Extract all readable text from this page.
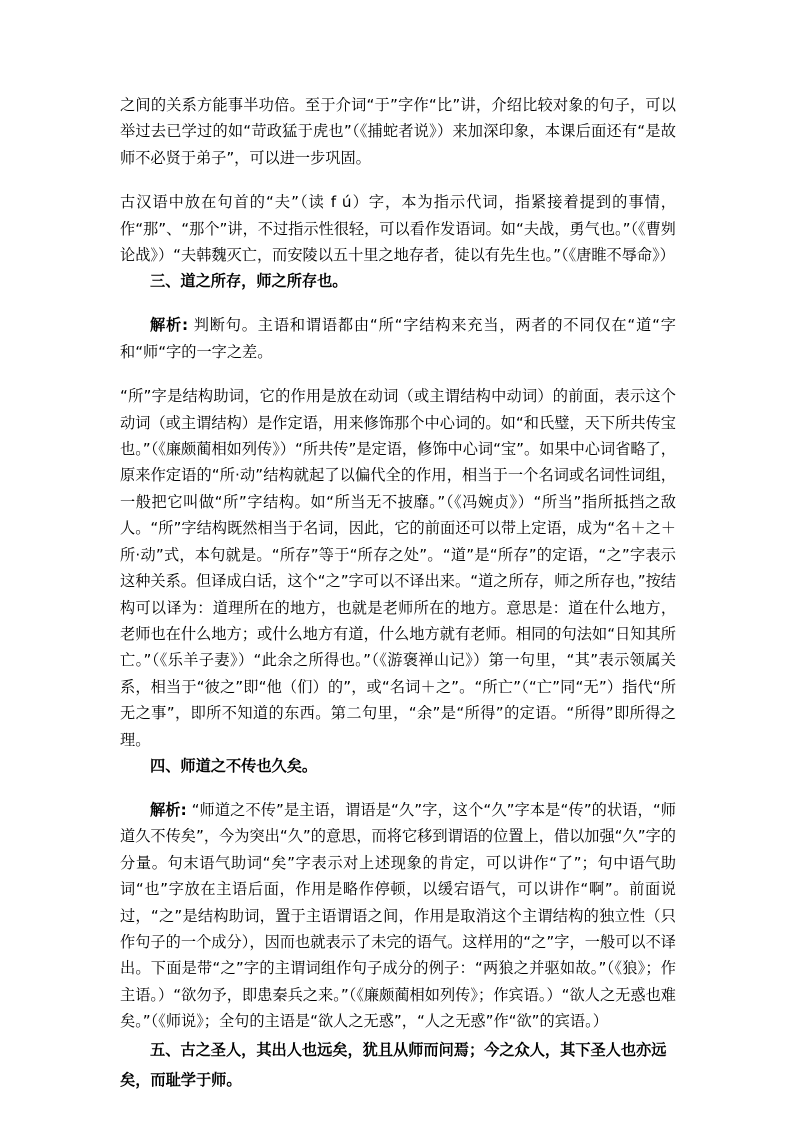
之间的关系方能事半功倍。至于介词“于”字作“比”讲，介绍比较对象的句子，可以举过去已学过的如“苛政猛于虎也”（《捕蛇者说》）来加深印象，本课后面还有“是故师不必贤于弟子”，可以进一步巩固。

古汉语中放在句首的“夫”（读 f ú）字，本为指示代词，指紧接着提到的事情，作“那”、“那个”讲，不过指示性很轻，可以看作发语词。如“夫战，勇气也。”（《曹刿论战》）“夫韩魏灭亡，而安陵以五十里之地存者，徒以有先生也。”（《唐睢不辱命》）

三、道之所存，师之所存也。

解析: 判断句。主语和谓语都由“所“字结构来充当，两者的不同仅在“道“字和“师“字的一字之差。

“所”字是结构助词，它的作用是放在动词（或主谓结构中动词）的前面，表示这个动词（或主谓结构）是作定语，用来修饰那个中心词的。如“和氏璧，天下所共传宝也。”（《廉颇蔺相如列传》）“所共传”是定语，修饰中心词“宝”。如果中心词省略了，原来作定语的“所·动”结构就起了以偏代全的作用，相当于一个名词或名词性词组，一般把它叫做“所”字结构。如“所当无不披靡。”（《冯婉贞》）“所当”指所抵挡之敌人。“所”字结构既然相当于名词，因此，它的前面还可以带上定语，成为“名＋之＋所·动”式，本句就是。“所存”等于“所存之处”。“道”是“所存”的定语，“之”字表示这种关系。但译成白话，这个“之”字可以不译出来。“道之所存，师之所存也，”按结构可以译为：道理所在的地方，也就是老师所在的地方。意思是：道在什么地方，老师也在什么地方；或什么地方有道，什么地方就有老师。相同的句法如“日知其所亡。”（《乐羊子妻》）“此余之所得也。”（《游褒禅山记》）第一句里，“其”表示领属关系，相当于“彼之”即“他（们）的”，或“名词＋之”。“所亡”（“亡”同“无”）指代“所无之事”，即所不知道的东西。第二句里，“余”是“所得”的定语。“所得”即所得之理。

四、师道之不传也久矣。

解析: “师道之不传”是主语，谓语是“久”字，这个“久”字本是“传”的状语，“师道久不传矣”，今为突出“久”的意思，而将它移到谓语的位置上，借以加强“久”字的分量。句末语气助词“矣”字表示对上述现象的肯定，可以讲作“了”；句中语气助词“也”字放在主语后面，作用是略作停顿，以缓宕语气，可以讲作“啊”。前面说过，“之”是结构助词，置于主语谓语之间，作用是取消这个主谓结构的独立性（只作句子的一个成分），因而也就表示了未完的语气。这样用的“之”字，一般可以不译出。下面是带“之”字的主谓词组作句子成分的例子：“两狼之并驱如故。”（《狼》；作主语。）“欲勿予，即患秦兵之来。”（《廉颇蔺相如列传》；作宾语。）“欲人之无惑也难矣。”（《师说》；全句的主语是“欲人之无惑”，“人之无惑”作“欲”的宾语。）

五、古之圣人，其出人也远矣，犹且从师而问焉；今之众人，其下圣人也亦远矣，而耻学于师。
